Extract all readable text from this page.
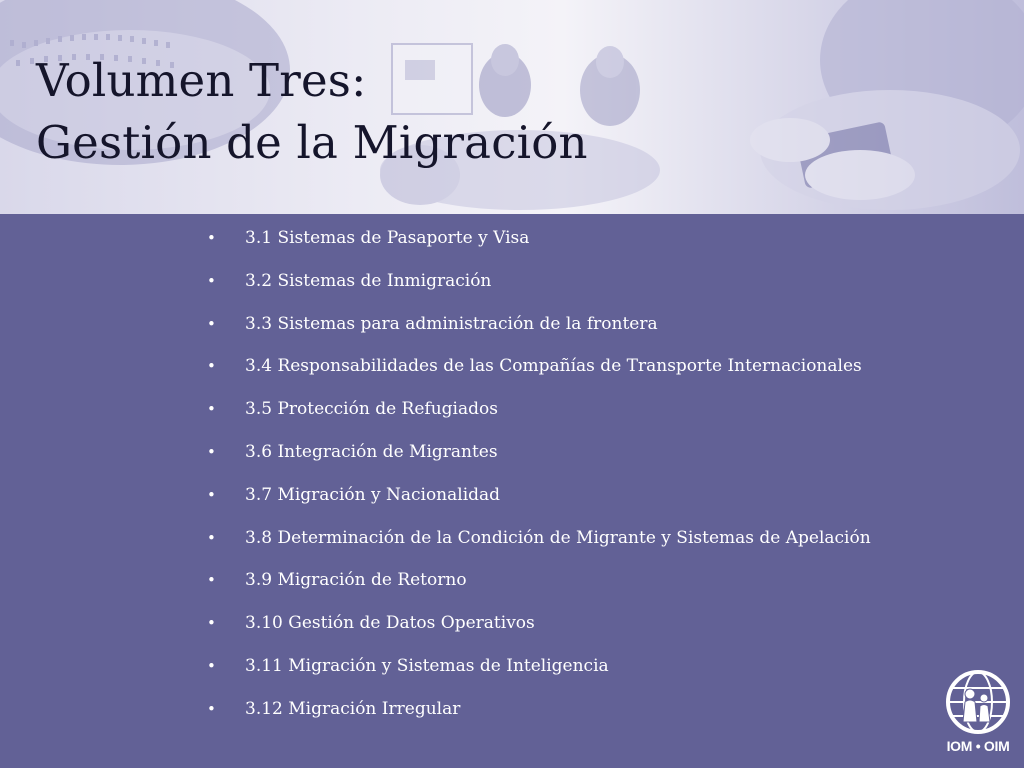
Volumen Tres:
Gestión de la Migración
• 3.1 Sistemas de Pasaporte y Visa
• 3.2 Sistemas de Inmigración
• 3.3 Sistemas para administración de la frontera
• 3.4 Responsabilidades de las Compañías de Transporte Internacionales
• 3.5 Protección de Refugiados
• 3.6 Integración de Migrantes
• 3.7 Migración y Nacionalidad
• 3.8 Determinación de la Condición de Migrante y Sistemas de Apelación
• 3.9 Migración de Retorno
• 3.10 Gestión de Datos Operativos
• 3.11 Migración y Sistemas de Inteligencia
• 3.12 Migración Irregular
IOM • OIM
